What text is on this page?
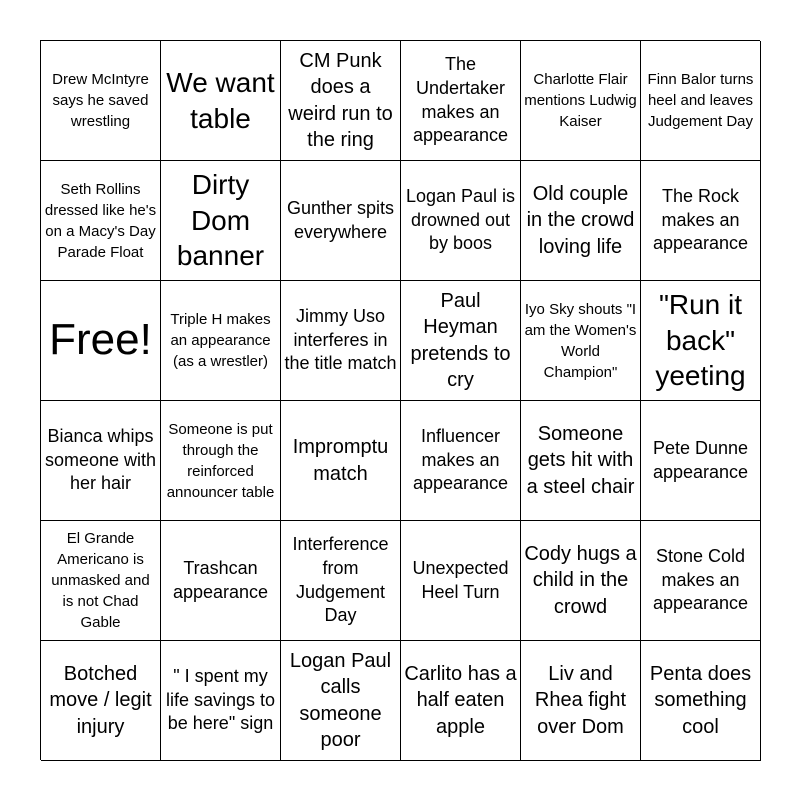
Drew McIntyre says he saved wrestling
We want table
CM Punk does a weird run to the ring
The Undertaker makes an appearance
Charlotte Flair mentions Ludwig Kaiser
Finn Balor turns heel and leaves Judgement Day
Seth Rollins dressed like he's on a Macy's Day Parade Float
Dirty Dom banner
Gunther spits everywhere
Logan Paul is drowned out by boos
Old couple in the crowd loving life
The Rock makes an appearance
Free!	Triple H makes an appearance (as a wrestler)
Jimmy Uso interferes in the title match
Paul Heyman pretends to cry
Iyo Sky shouts "I am the Women's World Champion"
"Run it back" yeeting
Bianca whips someone with her hair
Someone is put through the reinforced announcer table
Impromptu match
Influencer makes an appearance
Someone gets hit with a steel chair
Pete Dunne appearance
El Grande Americano is unmasked and is not Chad Gable
Trashcan appearance
Interference from Judgement Day
Unexpected Heel Turn
Cody hugs a child in the crowd
Stone Cold makes an appearance
Botched move / legit injury
" I spent my life savings to be here" sign
Logan Paul calls someone poor
Carlito has a half eaten apple
Liv and Rhea fight over Dom
Penta does something cool
